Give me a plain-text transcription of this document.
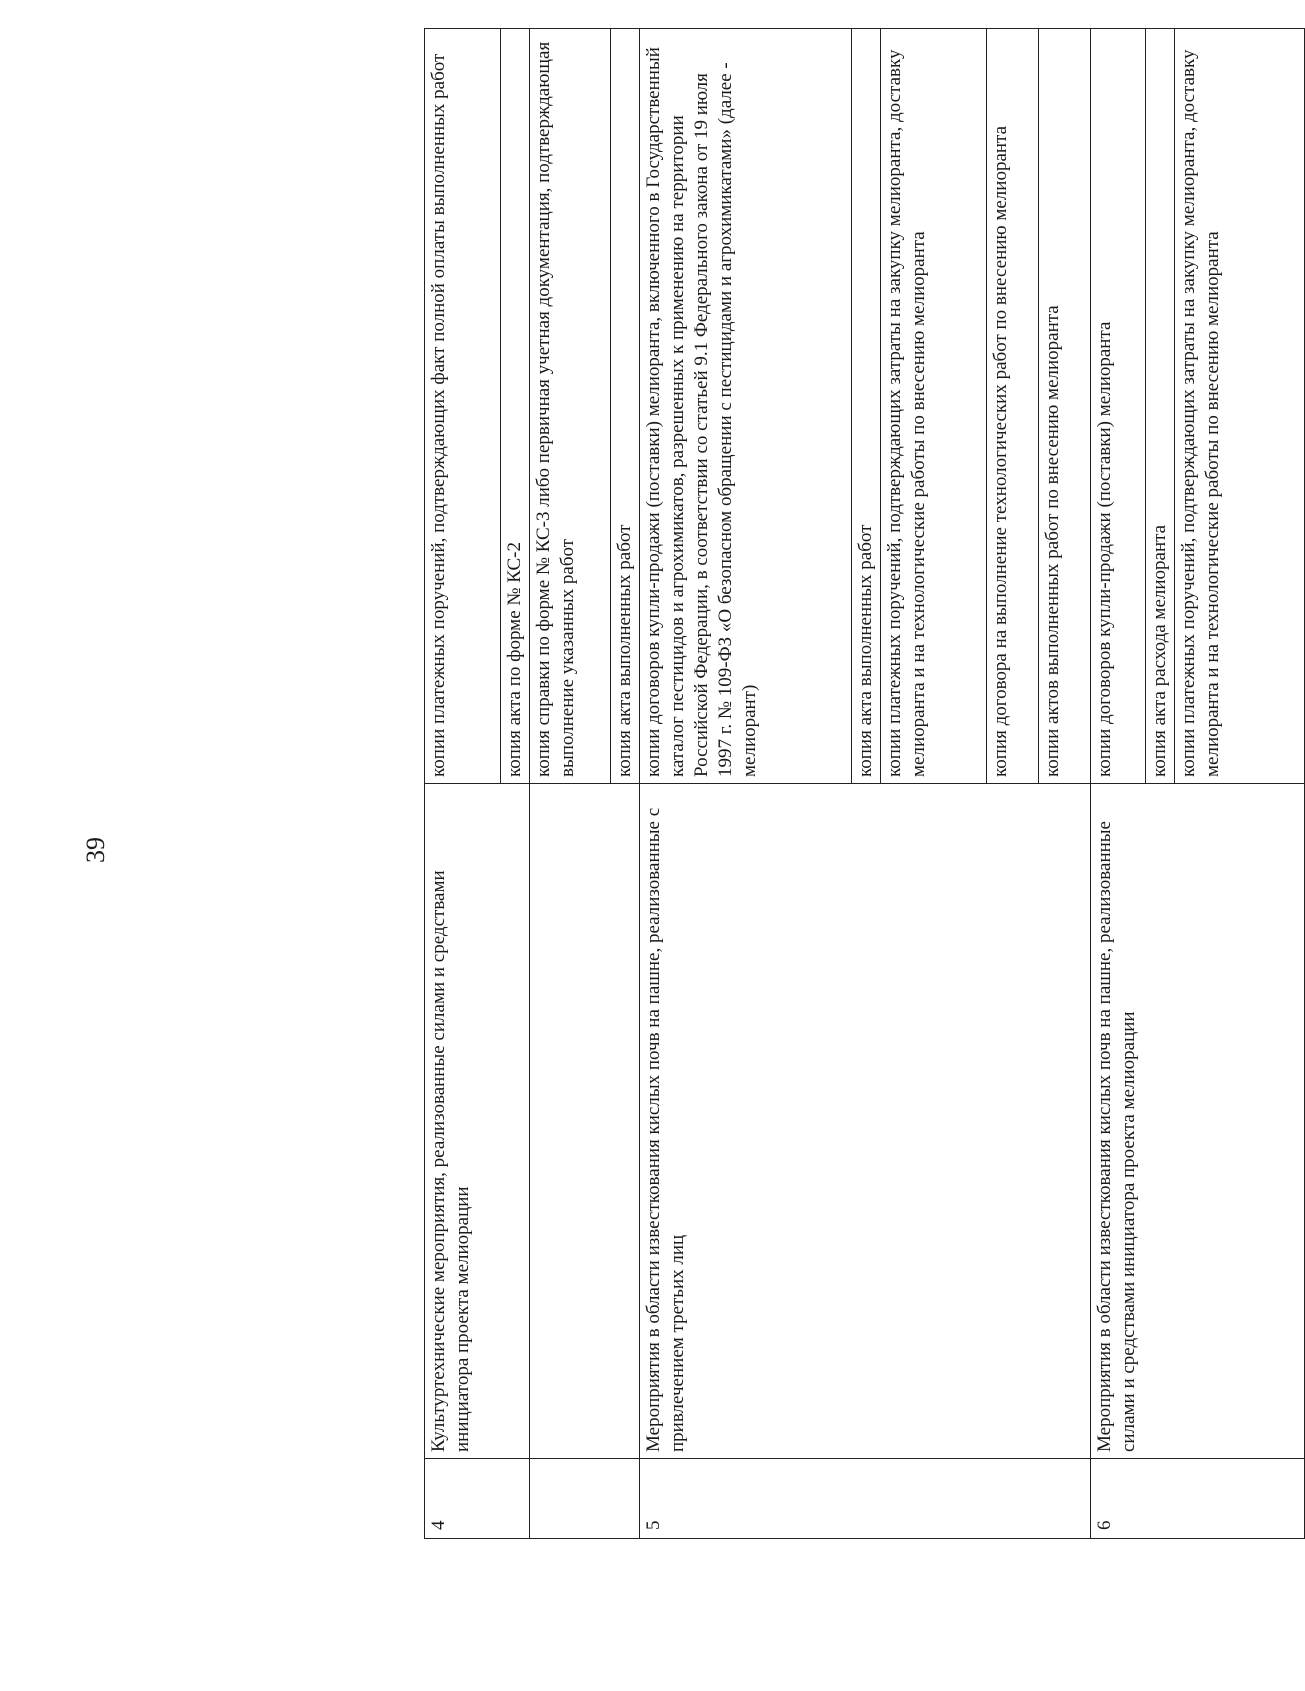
39
4	Культуртехнические мероприятия, реализованные силами и средствами инициатора проекта мелиорации	копии платежных поручений, подтверждающих факт полной оплаты выполненных работ
		копия акта по форме № КС-2
		копия справки по форме № КС-3 либо первичная учетная документация, подтверждающая выполнение указанных работ
		копия акта выполненных работ
5	Мероприятия в области известкования кислых почв на пашне, реализованные с привлечением третьих лиц	копии договоров купли-продажи (поставки) мелиоранта, включенного в Государственный каталог пестицидов и агрохимикатов, разрешенных к применению на территории Российской Федерации, в соответствии со статьей 9.1 Федерального закона от 19 июля 1997 г. № 109-ФЗ «О безопасном обращении с пестицидами и агрохимикатами» (далее - мелиорант)
		копия акта выполненных работ
		копии платежных поручений, подтверждающих затраты на закупку мелиоранта, доставку мелиоранта и на технологические работы по внесению мелиоранта
		копия договора на выполнение технологических работ по внесению мелиоранта
		копии актов выполненных работ по внесению мелиоранта
6	Мероприятия в области известкования кислых почв на пашне, реализованные силами и средствами инициатора проекта мелиорации	копии договоров купли-продажи (поставки) мелиоранта
		копия акта расхода мелиоранта
		копии платежных поручений, подтверждающих затраты на закупку мелиоранта, доставку мелиоранта и на технологические работы по внесению мелиоранта
